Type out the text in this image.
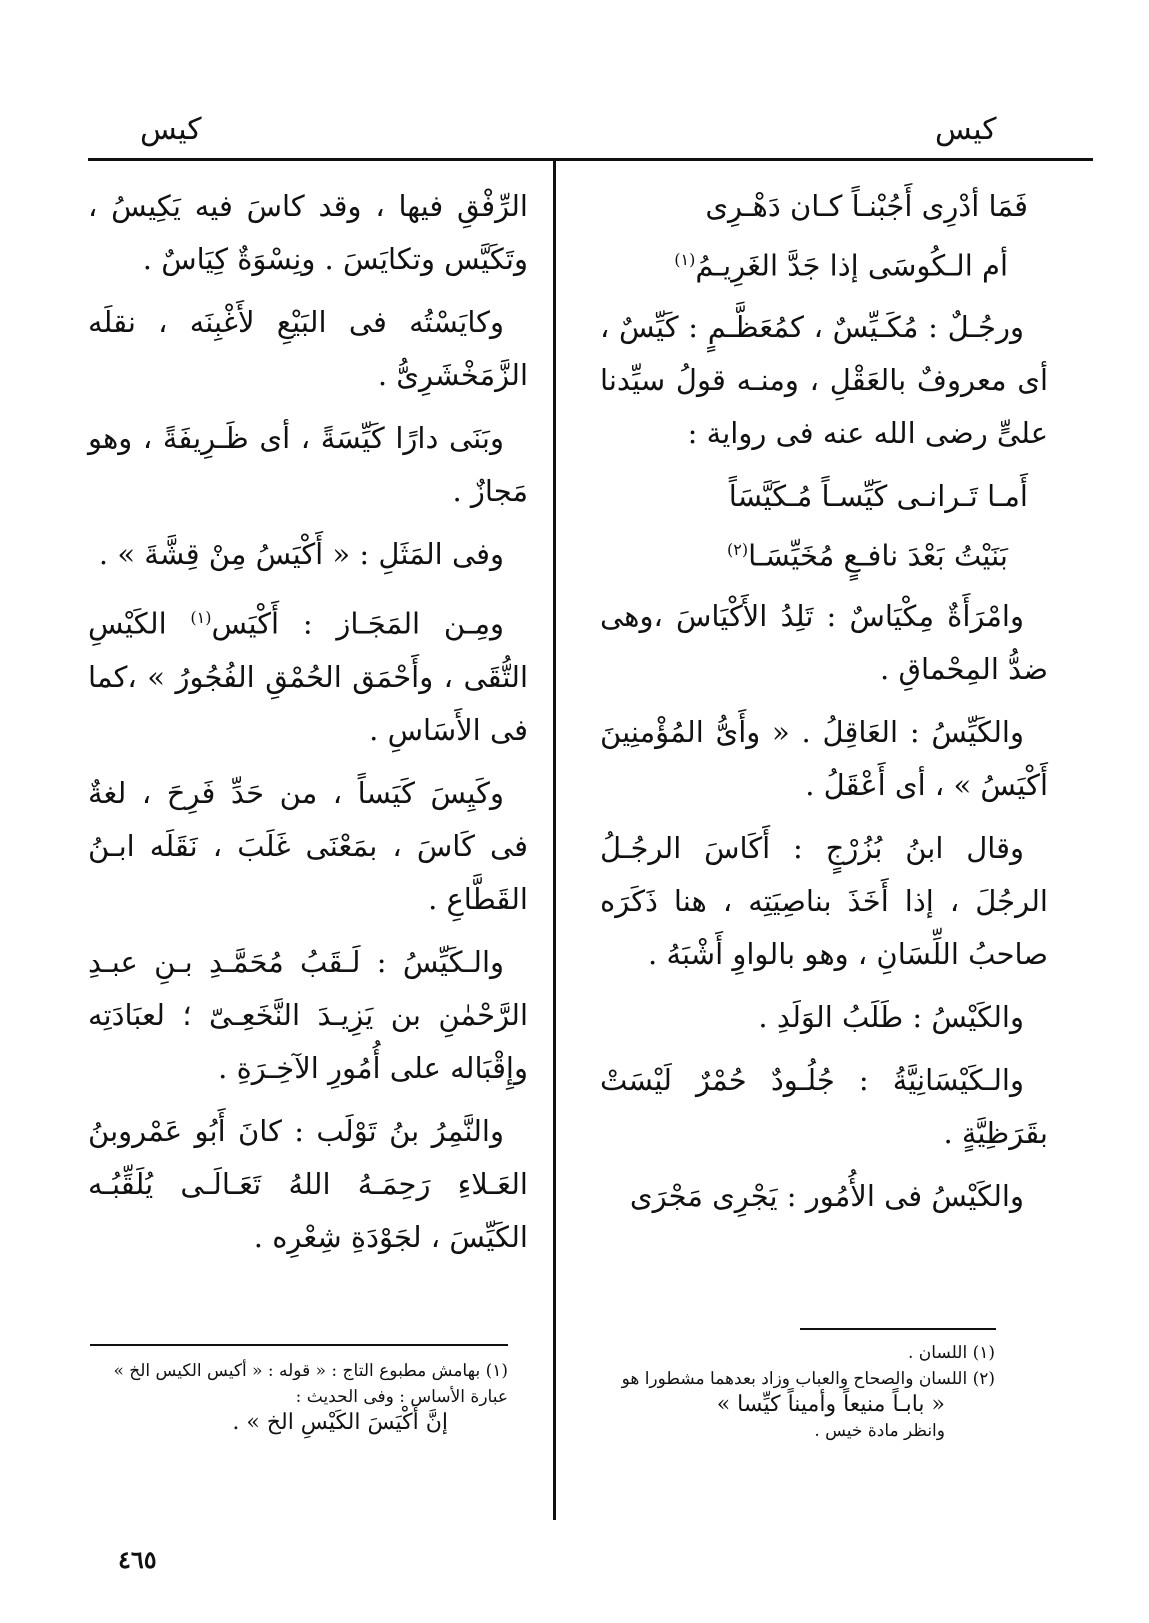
كيس
كيس
فَمَا أدْرِى أَجُبْنـاً كـان دَهْـرِى
أم الـكُوسَى إذا جَدَّ الغَرِيـمُ$^{(١)}$

ورجُـلٌ : مُكَـيِّسٌ ، كمُعَظَّـمٍ : كَيِّسٌ ، أى معروفٌ بالعَقْلِ ، ومنـه قولُ سيِّدنا علىٍّ رضى الله عنه فى رواية :

أَمـا تَـرانـى كَيِّسـاً مُـكَيَّسَاً
بَنَيْتُ بَعْدَ نافـعٍ مُخَيِّسَـا$^{(٢)}$

وامْرَأَةٌ مِكْيَاسٌ : تَلِدُ الأَكْيَاسَ ،وهى ضدُّ المِحْماقِ .

والكَيِّسُ : العَاقِلُ . « وأَىُّ المُؤْمنِينَ أَكْيَسُ » ، أى أَعْقَلُ .

وقال ابنُ بُزُرْجٍ : أَكَاسَ الرجُـلُ الرجُلَ ، إذا أَخَذَ بناصِيَتِه ، هنا ذَكَرَه صاحبُ اللِّسَانِ ، وهو بالواوِ أَشْبَهُ .

والكَيْسُ : طَلَبُ الوَلَدِ .

والـكَيْسَانِيَّةُ : جُلُـودٌ حُمْرٌ لَيْسَتْ بقَرَظِيَّةٍ .

والكَيْسُ فى الأُمُور : يَجْرِى مَجْرَى

الرِّفْقِ فيها ، وقد كاسَ فيه يَكِيسُ ، وتَكَيَّس وتكايَسَ . ونِسْوَةٌ كِيَاسٌ .

وكايَسْتُه فى البَيْعِ لأَغْبِنَه ، نقلَه الزَّمَخْشَرِىُّ .

وبَنَى دارًا كَيِّسَةً ، أى ظَـرِيفَةً ، وهو مَجازٌ .

وفى المَثَلِ : « أَكْيَسُ مِنْ قِشَّةَ » .

ومِـن المَجَـاز : أَكْيَس$^{(١)}$ الكَيْسِ التُّقَى ، وأَحْمَق الحُمْقِ الفُجُورُ » ،كما فى الأَسَاسِ .

وكَيِسَ كَيَساً ، من حَدِّ فَرِحَ ، لغةٌ فى كَاسَ ، بمَعْنَى غَلَبَ ، نَقَلَه ابـنُ القَطَّاعِ .

والـكَيِّسُ : لَـقَبُ مُحَمَّـدِ بـنِ عبـدِ الرَّحْمٰنِ بن يَزِيـدَ النَّخَعِـىّ ؛ لعبَادَتِه وإِقْبَاله على أُمُورِ الآخِـرَةِ .

والنَّمِرُ بنُ تَوْلَب : كانَ أَبُو عَمْروبنُ العَـلاءِ رَحِمَـهُ اللهُ تَعَـالَـى يُلَقِّبُـه الكَيِّسَ ، لجَوْدَةِ شِعْرِه .

(١) اللسان .

(٢) اللسان والصحاح والعباب وزاد بعدهما مشطورا هو

« بابـاً منيعاً وأميناً كيِّسا »

وانظر مادة خيس .

(١) بهامش مطبوع التاج : « قوله : « أكيس الكيس الخ » عبارة الأساس : وفى الحديث :

إنَّ أَكْيَسَ الكَيْسِ الخ » .

٤٦٥
